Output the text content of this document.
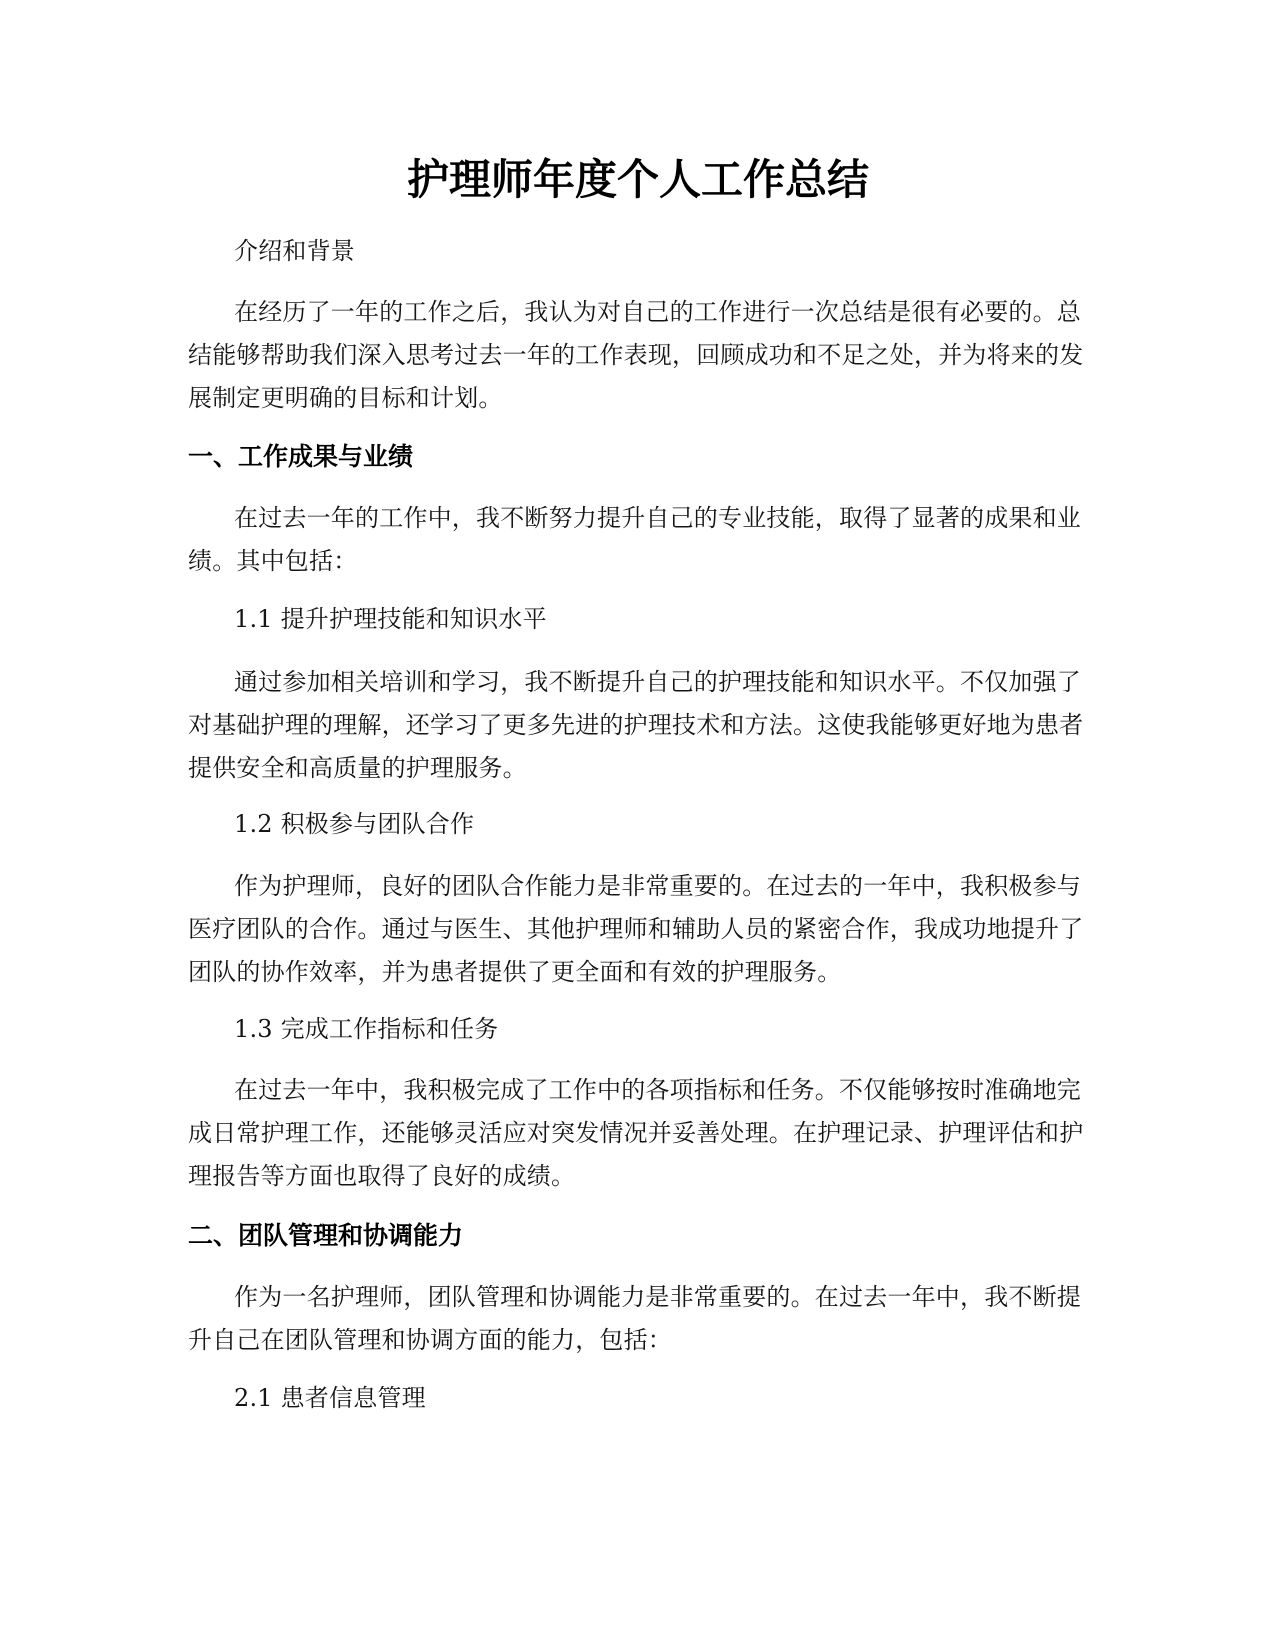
护理师年度个人工作总结

介绍和背景

在经历了一年的工作之后，我认为对自己的工作进行一次总结是很有必要的。总结能够帮助我们深入思考过去一年的工作表现，回顾成功和不足之处，并为将来的发展制定更明确的目标和计划。

一、工作成果与业绩

在过去一年的工作中，我不断努力提升自己的专业技能，取得了显著的成果和业绩。其中包括：

1.1 提升护理技能和知识水平

通过参加相关培训和学习，我不断提升自己的护理技能和知识水平。不仅加强了对基础护理的理解，还学习了更多先进的护理技术和方法。这使我能够更好地为患者提供安全和高质量的护理服务。

1.2 积极参与团队合作

作为护理师，良好的团队合作能力是非常重要的。在过去的一年中，我积极参与医疗团队的合作。通过与医生、其他护理师和辅助人员的紧密合作，我成功地提升了团队的协作效率，并为患者提供了更全面和有效的护理服务。

1.3 完成工作指标和任务

在过去一年中，我积极完成了工作中的各项指标和任务。不仅能够按时准确地完成日常护理工作，还能够灵活应对突发情况并妥善处理。在护理记录、护理评估和护理报告等方面也取得了良好的成绩。

二、团队管理和协调能力

作为一名护理师，团队管理和协调能力是非常重要的。在过去一年中，我不断提升自己在团队管理和协调方面的能力，包括：

2.1 患者信息管理
